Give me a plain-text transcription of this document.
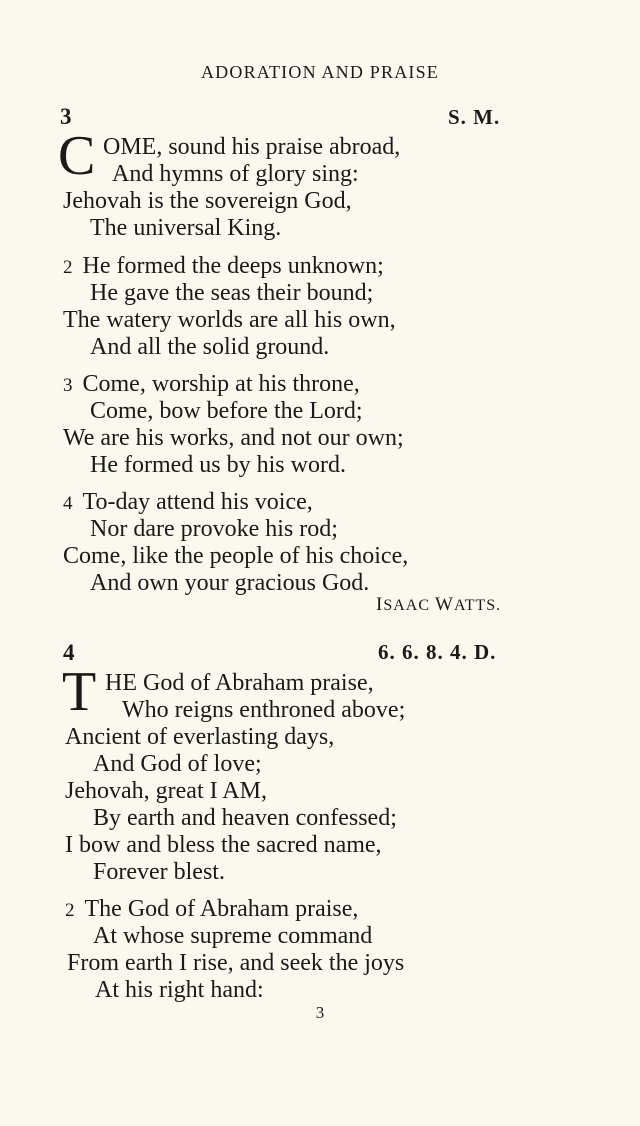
ADORATION AND PRAISE
3	S. M.
C OME, sound his praise abroad,
And hymns of glory sing:
Jehovah is the sovereign God,
The universal King.
2 He formed the deeps unknown;
He gave the seas their bound;
The watery worlds are all his own,
And all the solid ground.
3 Come, worship at his throne,
Come, bow before the Lord;
We are his works, and not our own;
He formed us by his word.
4 To-day attend his voice,
Nor dare provoke his rod;
Come, like the people of his choice,
And own your gracious God.
ISAAC WATTS.
4	6. 6. 8. 4. D.
T HE God of Abraham praise,
Who reigns enthroned above;
Ancient of everlasting days,
And God of love;
Jehovah, great I AM,
By earth and heaven confessed;
I bow and bless the sacred name,
Forever blest.
2 The God of Abraham praise,
At whose supreme command
From earth I rise, and seek the joys
At his right hand:
3
